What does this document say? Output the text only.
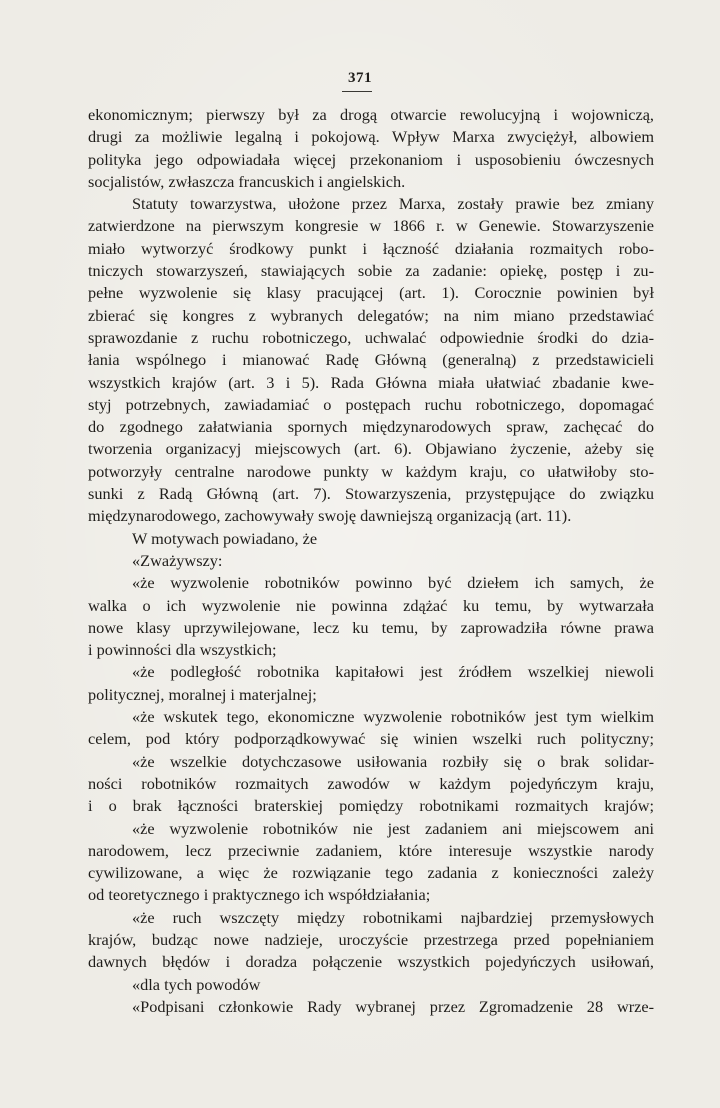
371
ekonomicznym; pierwszy był za drogą otwarcie rewolucyjną i wojowniczą,
drugi za możliwie legalną i pokojową. Wpływ Marxa zwyciężył, albowiem
polityka jego odpowiadała więcej przekonaniom i usposobieniu ówczesnych
socjalistów, zwłaszcza francuskich i angielskich.
Statuty towarzystwa, ułożone przez Marxa, zostały prawie bez zmiany
zatwierdzone na pierwszym kongresie w 1866 r. w Genewie. Stowarzyszenie
miało wytworzyć środkowy punkt i łączność działania rozmaitych robo-
tniczych stowarzyszeń, stawiających sobie za zadanie: opiekę, postęp i zu-
pełne wyzwolenie się klasy pracującej (art. 1). Corocznie powinien był
zbierać się kongres z wybranych delegatów; na nim miano przedstawiać
sprawozdanie z ruchu robotniczego, uchwalać odpowiednie środki do dzia-
łania wspólnego i mianować Radę Główną (generalną) z przedstawicieli
wszystkich krajów (art. 3 i 5). Rada Główna miała ułatwiać zbadanie kwe-
styj potrzebnych, zawiadamiać o postępach ruchu robotniczego, dopomagać
do zgodnego załatwiania spornych międzynarodowych spraw, zachęcać do
tworzenia organizacyj miejscowych (art. 6). Objawiano życzenie, ażeby się
potworzyły centralne narodowe punkty w każdym kraju, co ułatwiłoby sto-
sunki z Radą Główną (art. 7). Stowarzyszenia, przystępujące do związku
międzynarodowego, zachowywały swoję dawniejszą organizacją (art. 11).
W motywach powiadano, że
«Zważywszy:
«że wyzwolenie robotników powinno być dziełem ich samych, że
walka o ich wyzwolenie nie powinna zdążać ku temu, by wytwarzała
nowe klasy uprzywilejowane, lecz ku temu, by zaprowadziła równe prawa
i powinności dla wszystkich;
«że podległość robotnika kapitałowi jest źródłem wszelkiej niewoli
politycznej, moralnej i materjalnej;
«że wskutek tego, ekonomiczne wyzwolenie robotników jest tym wielkim
celem, pod który podporządkowywać się winien wszelki ruch polityczny;
«że wszelkie dotychczasowe usiłowania rozbiły się o brak solidar-
ności robotników rozmaitych zawodów w każdym pojedyńczym kraju,
i o brak łączności braterskiej pomiędzy robotnikami rozmaitych krajów;
«że wyzwolenie robotników nie jest zadaniem ani miejscowem ani
narodowem, lecz przeciwnie zadaniem, które interesuje wszystkie narody
cywilizowane, a więc że rozwiązanie tego zadania z konieczności zależy
od teoretycznego i praktycznego ich współdziałania;
«że ruch wszczęty między robotnikami najbardziej przemysłowych
krajów, budząc nowe nadzieje, uroczyście przestrzega przed popełnianiem
dawnych błędów i doradza połączenie wszystkich pojedyńczych usiłowań,
«dla tych powodów
«Podpisani członkowie Rady wybranej przez Zgromadzenie 28 wrze-
